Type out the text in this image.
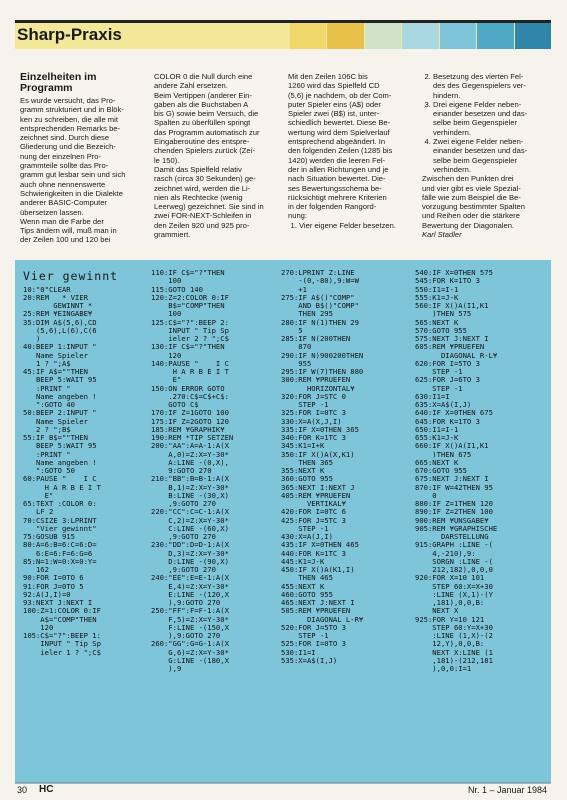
Sharp-Praxis
Einzelheiten im
Programm

Es wurde versucht, das Pro-
gramm strukturiert und in Blök-
ken zu schreiben, die alle mit
entsprechenden Remarks be-
zeichnet sind. Durch diese
Gliederung und die Bezeich-
nung der einzelnen Pro-
grammteile sollte das Pro-
gramm gut lesbar sein und sich
auch ohne nennenswerte
Schwierigkeiten in die Dialekte
anderer BASIC-Computer
übersetzen lassen.
Wenn man die Farbe der
Tips ändern will, muß man in
der Zeilen 100 und 120 bei

COLOR 0 die Null durch eine
andere Zahl ersetzen.
Beim Vertippen (anderer Ein-
gaben als die Buchstaben A
bis G) sowie beim Versuch, die
Spalten zu überfüllen springt
das Programm automatisch zur
Eingaberoutine des entspre-
chenden Spielers zurück (Zei-
le 150).
Damit das Spielfeld relativ
rasch (circa 30 Sekunden) ge-
zeichnet wird, werden die Li-
nien als Rechtecke (wenig
Leerweg) gezeichnet. Sie sind in
zwei FOR-NEXT-Schleifen in
den Zeilen 920 und 925 pro-
grammiert.

Mit den Zeilen 106C bis
1260 wird das Spielfeld CD
(5,6) je nachdem, ob der Com-
puter Spieler eins (A$) oder
Spieler zwei (B$) ist, unter-
schiedlich bewertet. Diese Be-
wertung wird dem Spielverlauf
entsprechend abgeändert. In
den folgenden Zeilen (1285 bis
1420) werden die leeren Fel-
der in allen Richtungen und je
nach Situation bewertet. Die-
ses Bewertungsschema be-
rücksichtigt mehrere Kriterien
in der folgenden Rangord-
nung:

1. Vier eigene Felder besetzen.
2. Besetzung des vierten Fel-
des des Gegenspielers ver-
hindern.
3. Drei eigene Felder neben-
einander besetzen und das-
selbe beim Gegenspieler
verhindern.
4. Zwei eigene Felder neben-
einander besetzen und das-
selbe beim Gegenspieler
verhindern.

Zwischen den Punkten drei
und vier gibt es viele Spezial-
fälle wie zum Beispiel die Be-
vorzugung bestimmter Spalten
und Reihen oder die stärkere
Bewertung der Diagonalen.

Karl Stadler

Vier gewinnt

10:"0"CLEAR
20:REM   * VIER
GEWINNT *
25:REM ¥EINGABE¥
35:DIM A$(5,6),CD
(5,6),L(6),C(6
)
40:BEEP 1:INPUT "
Name Spieler
1 ? ";A$
45:IF A$=""THEN
BEEP 5:WAIT 95
:PRINT "
Name angeben !
":GOTO 40
50:BEEP 2:INPUT "
Name Spieler
2 ? ";B$
55:IF B$=""THEN
BEEP 5:WAIT 95
:PRINT "
Name angeben !
":GOTO 50
60:PAUSE "    I C
H A R B E I T
E"
65:TEXT :COLOR 0:
LF 2
70:CSIZE 3:LPRINT
"Vier gewinnt"
75:GOSUB 915
80:A=6:B=6:C=6:D=
6:E=6:F=6:G=6
85:N=1:W=0:X=0:Y=
162
90:FOR I=0TO 6
91:FOR J=0TO 5
92:A(J,I)=0
93:NEXT J:NEXT I
100:Z=1:COLOR 0:IF
A$="COMP"THEN
120
105:C$="?":BEEP 1:
INPUT " Tip Sp
ieler 1 ? ";C$
110:IF C$="?"THEN
100
115:GOTO 140
120:Z=2:COLOR 0:IF
B$="COMP"THEN
100
125:C$="?":BEEP 2:
INPUT " Tip Sp
ieler 2 ? ";C$
130:IF C$="?"THEN
120
140:PAUSE "    I C
H A R B E I T
E"
150:ON ERROR GOTO
.270:C$=C$+C$:
GOTO C$
170:IF Z=1GOTO 100
175:IF Z=2GOTO 120
185:REM ¥GRAPHIK¥
190:REM *TIP SETZEN
200:"AA":A=A-1:A(X
A,0)=Z:X=Y-30*
A:LINE -(0,X),
9:GOTO 270
210:"BB":B=B-1:A(X
B,1)=Z:X=Y-30*
B:LINE -(30,X)
,9:GOTO 270
220:"CC":C=C-1:A(X
C,2)=Z:X=Y-30*
C:LINE -(60,X)
,9:GOTO 270
230:"DD":D=D-1:A(X
D,3)=Z:X=Y-30*
D:LINE -(90,X)
,9:GOTO 270
240:"EE":E=E-1:A(X
E,4)=Z:X=Y-30*
E:LINE -(120,X
),9:GOTO 270
250:"FF":F=F-1:A(X
F,5)=Z:X=Y-30*
F:LINE -(150,X
),9:GOTO 270
260:"GG":G=G-1:A(X
G,6)=Z:X=Y-30*
G:LINE -(180,X
),9
270:LPRINT Z:LINE
-(0,-80),9:W=W
+1
275:IF A$()"COMP"
AND B$()"COMP"
THEN 295
280:IF N(1)THEN 29
5
285:IF N(200THEN
870
290:IF N)900200THEN
955
295:IF W(7)THEN 880
300:REM ¥PRUEFEN
HORIZONTAL¥
320:FOR J=STC 0
STEP -1
325:FOR I=0TC 3
330:X=A(X,J,I)
335:IF X=0THEN 365
340:FOR K=1TC 3
345:K1=I+K
350:IF X()A(X,K1)
THEN 365
355:NEXT K
360:GOTO 955
365:NEXT I:NEXT J
405:REM ¥PRUEFEN
VERTIKAL¥
420:FOR I=0TC 6
425:FOR J=5TC 3
STEP -1
430:X=A(J,I)
435:IF X=0THEN 465
440:FOR K=1TC 3
445:K1=J-K
450:IF X()A(K1,I)
THEN 465
455:NEXT K
460:GOTO 955
465:NEXT J:NEXT I
505:REM ¥PRUEFEN
DIAGONAL L-R¥
520:FOR J=5TO 3
STEP -1
525:FOR I=0TO 3
530:I1=I
535:X=A$(I,J)
540:IF X=0THEN 575
545:FOR K=1TO 3
550:I1=I-1
555:K1=J-K
560:IF X()A(I1,K1
)THEN 575
565:NEXT K
570:GOTO 955
575:NEXT J:NEXT I
605:REM ¥PRUEFEN
DIAGONAL R-L¥
620:FOR I=5TO 3
STEP -1
625:FOR J=6TO 3
STEP -1
630:I1=I
635:X=A$(I,J)
640:IF X=0THEN 675
645:FOR K=1TO 3
650:I1=I-1
655:K1=J-K
660:IF X()A(I1,K1
)THEN 675
665:NEXT K
670:GOTO 955
675:NEXT J:NEXT I
870:IF W=42THEN 95
0
880:IF Z=1THEN 120
890:IF Z=2THEN 100
900:REM ¥UNSGABE¥
905:REM ¥GRAPHISCHE
DARSTELLUNG
915:GRAPH :LINE -(
4,-210),9:
SORGN :LINE -(
212,182),0,0,0
920:FOR X=10 101
STEP 60:X=X+30
:LINE (X,1)-(Y
,181),0,0,B:
NEXT X
925:FOR Y=10 121
STEP 60:Y=X+30
:LINE (1,X)-(2
12,Y),0,0,B:
NEXT X:LINE (1
,181)-(212,181
),0,0:I=1
30 HC	Nr. 1 – Januar 1984
